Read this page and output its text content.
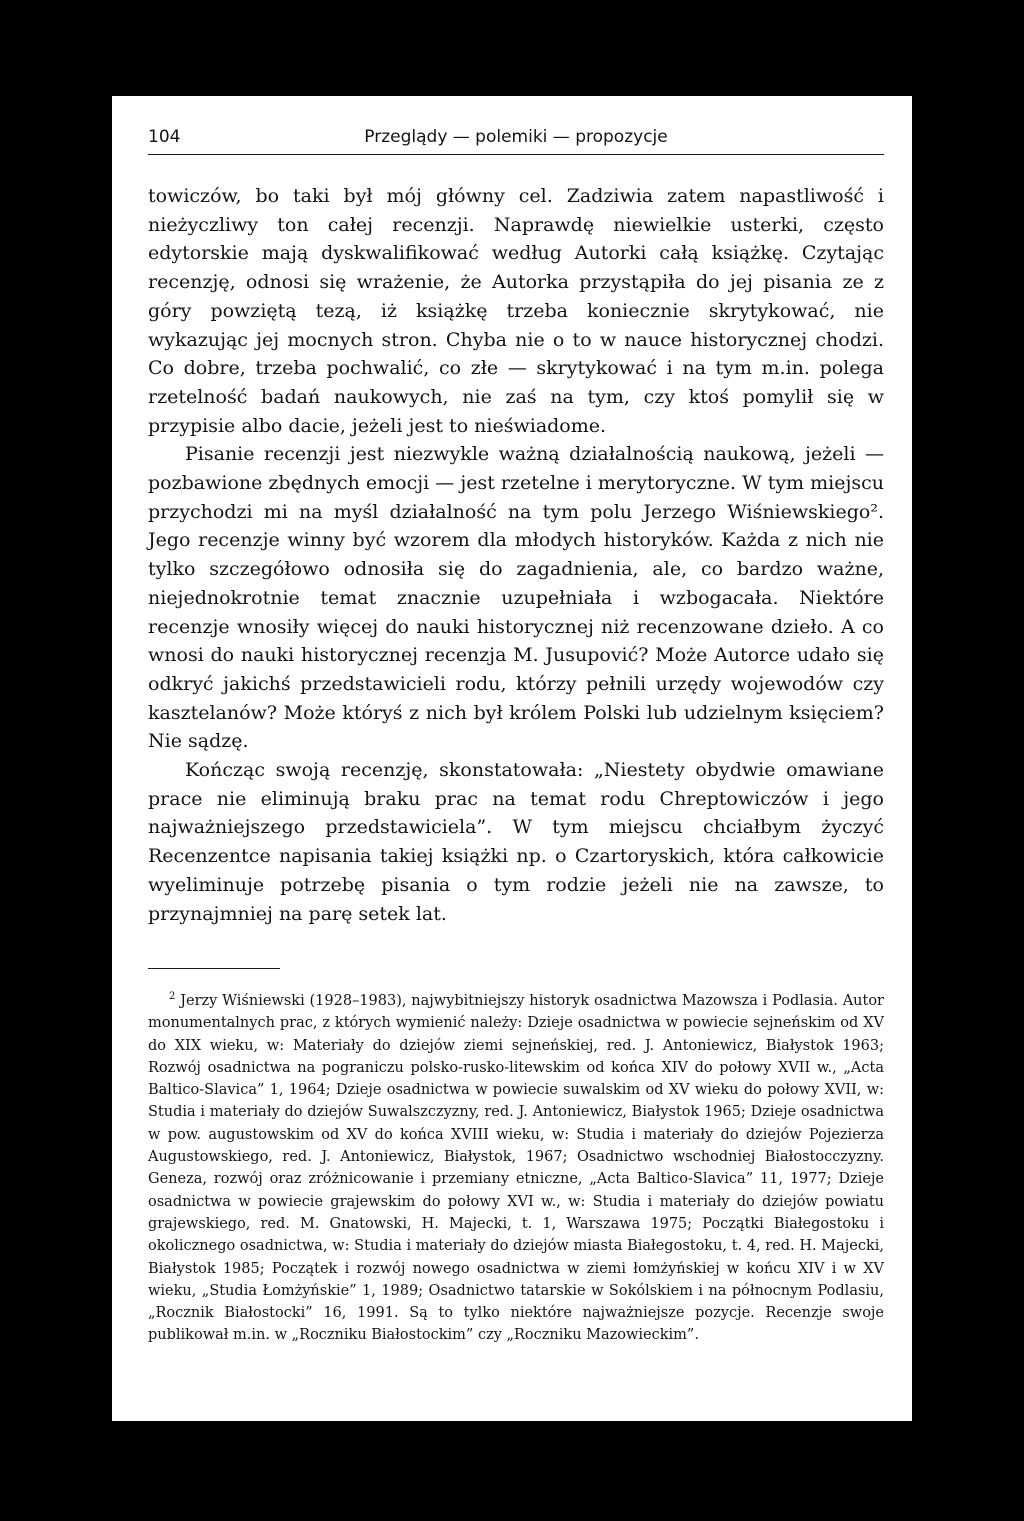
104	Przeglądy — polemiki — propozycje

towiczów, bo taki był mój główny cel. Zadziwia zatem napastliwość i nieżyczliwy ton całej recenzji. Naprawdę niewielkie usterki, często edytorskie mają dyskwalifikować według Autorki całą książkę. Czytając recenzję, odnosi się wrażenie, że Autorka przystąpiła do jej pisania ze z góry powziętą tezą, iż książkę trzeba koniecznie skrytykować, nie wykazując jej mocnych stron. Chyba nie o to w nauce historycznej chodzi. Co dobre, trzeba pochwalić, co złe — skrytykować i na tym m.in. polega rzetelność badań naukowych, nie zaś na tym, czy ktoś pomylił się w przypisie albo dacie, jeżeli jest to nieświadome.

Pisanie recenzji jest niezwykle ważną działalnością naukową, jeżeli — pozbawione zbędnych emocji — jest rzetelne i merytoryczne. W tym miejscu przychodzi mi na myśl działalność na tym polu Jerzego Wiśniewskiego². Jego recenzje winny być wzorem dla młodych historyków. Każda z nich nie tylko szczegółowo odnosiła się do zagadnienia, ale, co bardzo ważne, niejednokrotnie temat znacznie uzupełniała i wzbogacała. Niektóre recenzje wnosiły więcej do nauki historycznej niż recenzowane dzieło. A co wnosi do nauki historycznej recenzja M. Jusupović? Może Autorce udało się odkryć jakichś przedstawicieli rodu, którzy pełnili urzędy wojewodów czy kasztelanów? Może któryś z nich był królem Polski lub udzielnym księciem? Nie sądzę.

Kończąc swoją recenzję, skonstatowała: „Niestety obydwie omawiane prace nie eliminują braku prac na temat rodu Chreptowiczów i jego najważniejszego przedstawiciela”. W tym miejscu chciałbym życzyć Recenzentce napisania takiej książki np. o Czartoryskich, która całkowicie wyeliminuje potrzebę pisania o tym rodzie jeżeli nie na zawsze, to przynajmniej na parę setek lat.

$^2$ Jerzy Wiśniewski (1928–1983), najwybitniejszy historyk osadnictwa Mazowsza i Podlasia. Autor monumentalnych prac, z których wymienić należy: Dzieje osadnictwa w powiecie sejneńskim od XV do XIX wieku, w: Materiały do dziejów ziemi sejneńskiej, red. J. Antoniewicz, Białystok 1963; Rozwój osadnictwa na pograniczu polsko-rusko-litewskim od końca XIV do połowy XVII w., „Acta Baltico-Slavica” 1, 1964; Dzieje osadnictwa w powiecie suwalskim od XV wieku do połowy XVII, w: Studia i materiały do dziejów Suwalszczyzny, red. J. Antoniewicz, Białystok 1965; Dzieje osadnictwa w pow. augustowskim od XV do końca XVIII wieku, w: Studia i materiały do dziejów Pojezierza Augustowskiego, red. J. Antoniewicz, Białystok, 1967; Osadnictwo wschodniej Białostocczyzny. Geneza, rozwój oraz zróżnicowanie i przemiany etniczne, „Acta Baltico-Slavica” 11, 1977; Dzieje osadnictwa w powiecie grajewskim do połowy XVI w., w: Studia i materiały do dziejów powiatu grajewskiego, red. M. Gnatowski, H. Majecki, t. 1, Warszawa 1975; Początki Białegostoku i okolicznego osadnictwa, w: Studia i materiały do dziejów miasta Białegostoku, t. 4, red. H. Majecki, Białystok 1985; Początek i rozwój nowego osadnictwa w ziemi łomżyńskiej w końcu XIV i w XV wieku, „Studia Łomżyńskie” 1, 1989; Osadnictwo tatarskie w Sokólskiem i na północnym Podlasiu, „Rocznik Białostocki” 16, 1991. Są to tylko niektóre najważniejsze pozycje. Recenzje swoje publikował m.in. w „Roczniku Białostockim” czy „Roczniku Mazowieckim”.
